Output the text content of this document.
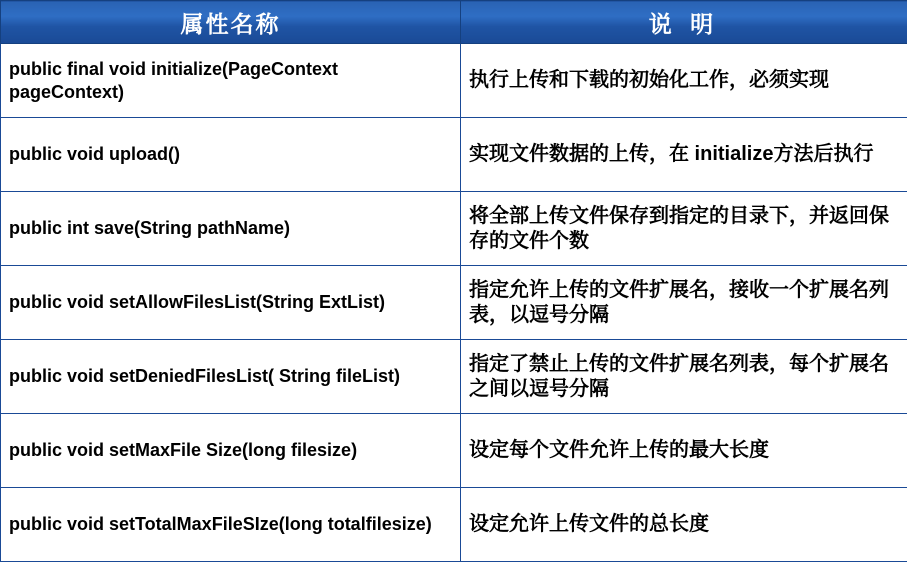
属性名称	说 明
public final void initialize(PageContext pageContext)	执行上传和下载的初始化工作，必须实现
public void upload()	实现文件数据的上传，在 initialize方法后执行
public int save(String pathName)	将全部上传文件保存到指定的目录下，并返回保存的文件个数
public void setAllowFilesList(String ExtList)	指定允许上传的文件扩展名，接收一个扩展名列表，以逗号分隔
public void setDeniedFilesList( String fileList)	指定了禁止上传的文件扩展名列表，每个扩展名之间以逗号分隔
public void setMaxFile Size(long filesize)	设定每个文件允许上传的最大长度
public void setTotalMaxFileSIze(long totalfilesize)	设定允许上传文件的总长度
